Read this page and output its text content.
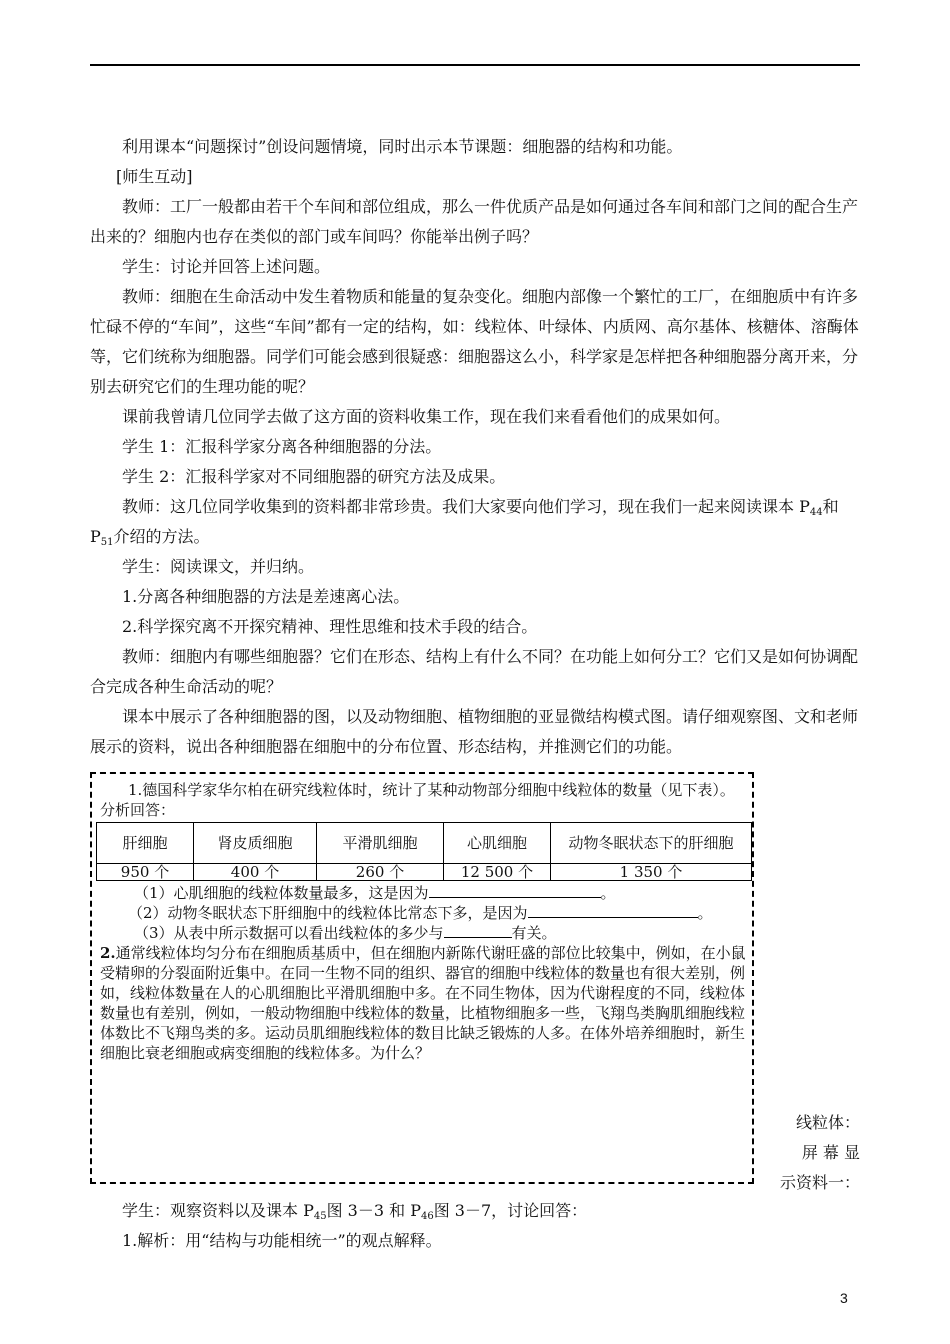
利用课本“问题探讨”创设问题情境，同时出示本节课题：细胞器的结构和功能。

[师生互动]

教师：工厂一般都由若干个车间和部位组成，那么一件优质产品是如何通过各车间和部门之间的配合生产出来的？细胞内也存在类似的部门或车间吗？你能举出例子吗？

学生：讨论并回答上述问题。

教师：细胞在生命活动中发生着物质和能量的复杂变化。细胞内部像一个繁忙的工厂，在细胞质中有许多忙碌不停的“车间”，这些“车间”都有一定的结构，如：线粒体、叶绿体、内质网、高尔基体、核糖体、溶酶体等，它们统称为细胞器。同学们可能会感到很疑惑：细胞器这么小，科学家是怎样把各种细胞器分离开来，分别去研究它们的生理功能的呢？

课前我曾请几位同学去做了这方面的资料收集工作，现在我们来看看他们的成果如何。

学生 1：汇报科学家分离各种细胞器的分法。

学生 2：汇报科学家对不同细胞器的研究方法及成果。

教师：这几位同学收集到的资料都非常珍贵。我们大家要向他们学习，现在我们一起来阅读课本 $P_{44}$和 $P_{51}$介绍的方法。

学生：阅读课文，并归纳。

1.分离各种细胞器的方法是差速离心法。

2.科学探究离不开探究精神、理性思维和技术手段的结合。

教师：细胞内有哪些细胞器？它们在形态、结构上有什么不同？在功能上如何分工？它们又是如何协调配合完成各种生命活动的呢？

课本中展示了各种细胞器的图，以及动物细胞、植物细胞的亚显微结构模式图。请仔细观察图、文和老师展示的资料，说出各种细胞器在细胞中的分布位置、形态结构，并推测它们的功能。

1.德国科学家华尔柏在研究线粒体时，统计了某种动物部分细胞中线粒体的数量（见下表）。分析回答：

肝细胞	肾皮质细胞	平滑肌细胞	心肌细胞	动物冬眠状态下的肝细胞
950 个	400 个	260 个	12 500 个	1 350 个

（1）心肌细胞的线粒体数量最多，这是因为	。

（2）动物冬眠状态下肝细胞中的线粒体比常态下多，是因为	。

（3）从表中所示数据可以看出线粒体的多少与	有关。

2.通常线粒体均匀分布在细胞质基质中，但在细胞内新陈代谢旺盛的部位比较集中，例如，在小鼠受精卵的分裂面附近集中。在同一生物不同的组织、器官的细胞中线粒体的数量也有很大差别，例如，线粒体数量在人的心肌细胞比平滑肌细胞中多。在不同生物体，因为代谢程度的不同，线粒体数量也有差别，例如，一般动物细胞中线粒体的数量，比植物细胞多一些，飞翔鸟类胸肌细胞线粒体数比不飞翔鸟类的多。运动员肌细胞线粒体的数目比缺乏锻炼的人多。在体外培养细胞时，新生细胞比衰老细胞或病变细胞的线粒体多。为什么？

线粒体：
屏 幕 显
示资料一：

学生：观察资料以及课本 $P_{45}$图 3－3 和 $P_{46}$图 3－7，讨论回答：

1.解析：用“结构与功能相统一”的观点解释。

3
